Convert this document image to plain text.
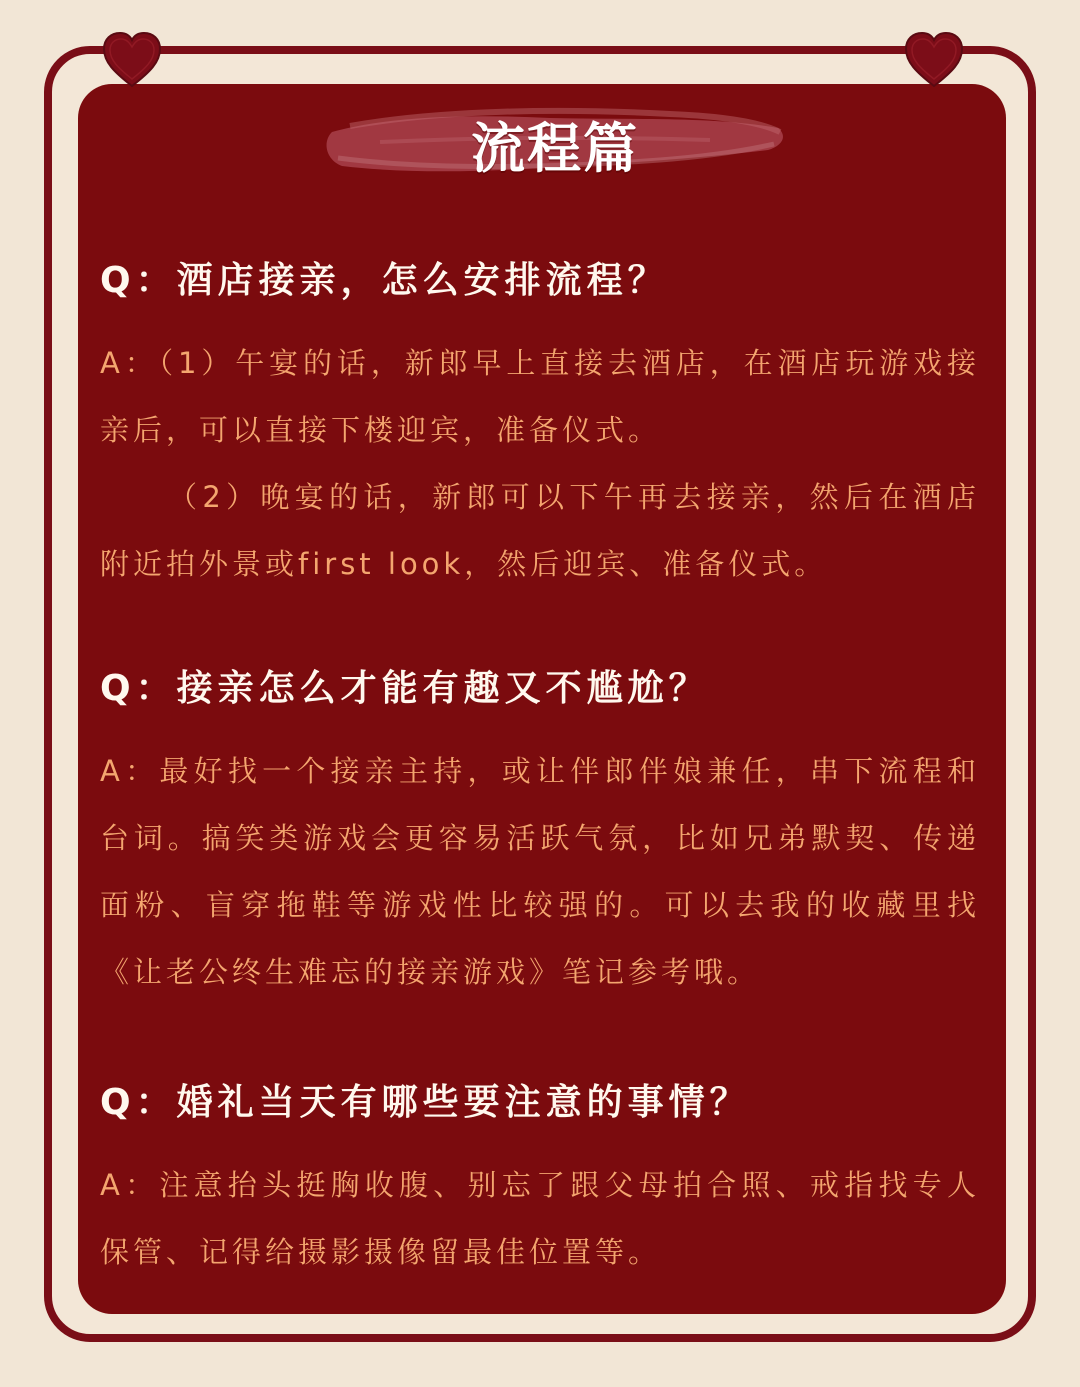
流程篇
Q：酒店接亲，怎么安排流程？

A：（1）午宴的话，新郎早上直接去酒店，在酒店玩游戏接亲后，可以直接下楼迎宾，准备仪式。

（2）晚宴的话，新郎可以下午再去接亲，然后在酒店附近拍外景或first look，然后迎宾、准备仪式。

Q：接亲怎么才能有趣又不尴尬？

A：最好找一个接亲主持，或让伴郎伴娘兼任，串下流程和台词。搞笑类游戏会更容易活跃气氛，比如兄弟默契、传递面粉、盲穿拖鞋等游戏性比较强的。可以去我的收藏里找《让老公终生难忘的接亲游戏》笔记参考哦。

Q：婚礼当天有哪些要注意的事情？

A：注意抬头挺胸收腹、别忘了跟父母拍合照、戒指找专人保管、记得给摄影摄像留最佳位置等。
